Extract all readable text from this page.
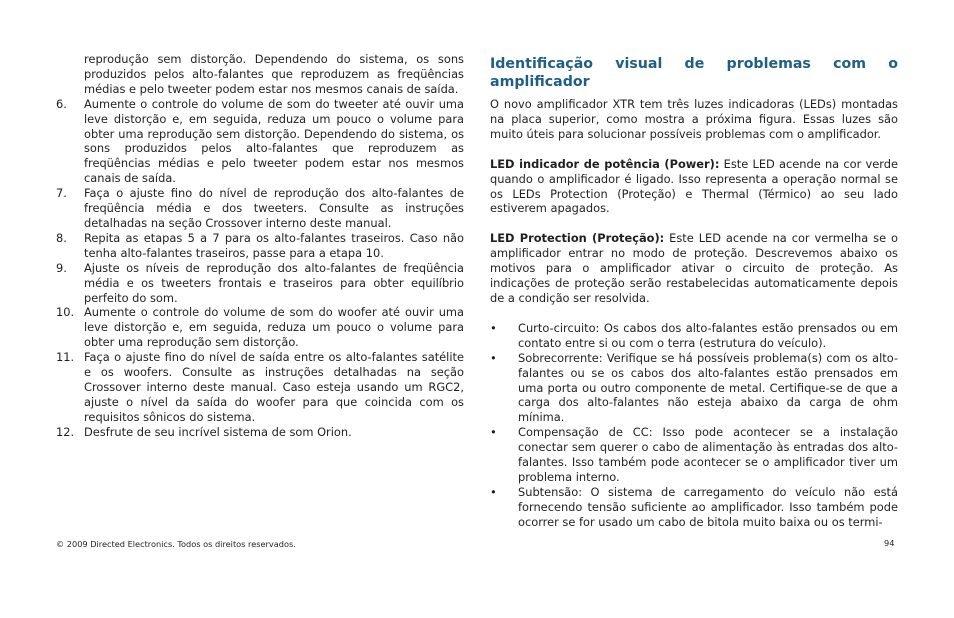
reprodução sem distorção. Dependendo do sistema, os sons produzidos pelos alto-falantes que reproduzem as freqüências médias e pelo tweeter podem estar nos mesmos canais de saída.

6.	Aumente o controle do volume de som do tweeter até ouvir uma leve distorção e, em seguida, reduza um pouco o volume para obter uma reprodução sem distorção. Dependendo do sistema, os sons produzidos pelos alto-falantes que reproduzem as freqüências médias e pelo tweeter podem estar nos mesmos canais de saída.
7.	Faça o ajuste fino do nível de reprodução dos alto-falantes de freqüência média e dos tweeters. Consulte as instruções detalhadas na seção Crossover interno deste manual.
8.	Repita as etapas 5 a 7 para os alto-falantes traseiros. Caso não tenha alto-falantes traseiros, passe para a etapa 10.
9.	Ajuste os níveis de reprodução dos alto-falantes de freqüência média e os tweeters frontais e traseiros para obter equilíbrio perfeito do som.
10. Aumente o controle do volume de som do woofer até ouvir uma leve distorção e, em seguida, reduza um pouco o volume para obter uma reprodução sem distorção.
11. Faça o ajuste fino do nível de saída entre os alto-falantes satélite e os woofers. Consulte as instruções detalhadas na seção Crossover interno deste manual. Caso esteja usando um RGC2, ajuste o nível da saída do woofer para que coincida com os requisitos sônicos do sistema.
12. Desfrute de seu incrível sistema de som Orion.
Identificação visual de problemas com o amplificador

O novo amplificador XTR tem três luzes indicadoras (LEDs) montadas na placa superior, como mostra a próxima figura. Essas luzes são muito úteis para solucionar possíveis problemas com o amplificador.

LED indicador de potência (Power): Este LED acende na cor verde quando o amplificador é ligado. Isso representa a operação normal se os LEDs Protection (Proteção) e Thermal (Térmico) ao seu lado estiverem apagados.

LED Protection (Proteção): Este LED acende na cor vermelha se o amplificador entrar no modo de proteção. Descrevemos abaixo os motivos para o amplificador ativar o circuito de proteção. As indicações de proteção serão restabelecidas automaticamente depois de a condição ser resolvida.

•	Curto-circuito: Os cabos dos alto-falantes estão prensados ou em contato entre si ou com o terra (estrutura do veículo).
•	Sobrecorrente: Verifique se há possíveis problema(s) com os alto-falantes ou se os cabos dos alto-falantes estão prensados em uma porta ou outro componente de metal. Certifique-se de que a carga dos alto-falantes não esteja abaixo da carga de ohm mínima.
•	Compensação de CC: Isso pode acontecer se a instalação conectar sem querer o cabo de alimentação às entradas dos alto-falantes. Isso também pode acontecer se o amplificador tiver um problema interno.
•	Subtensão: O sistema de carregamento do veículo não está fornecendo tensão suficiente ao amplificador. Isso também pode ocorrer se for usado um cabo de bitola muito baixa ou os termi-
© 2009 Directed Electronics. Todos os direitos reservados.	94
